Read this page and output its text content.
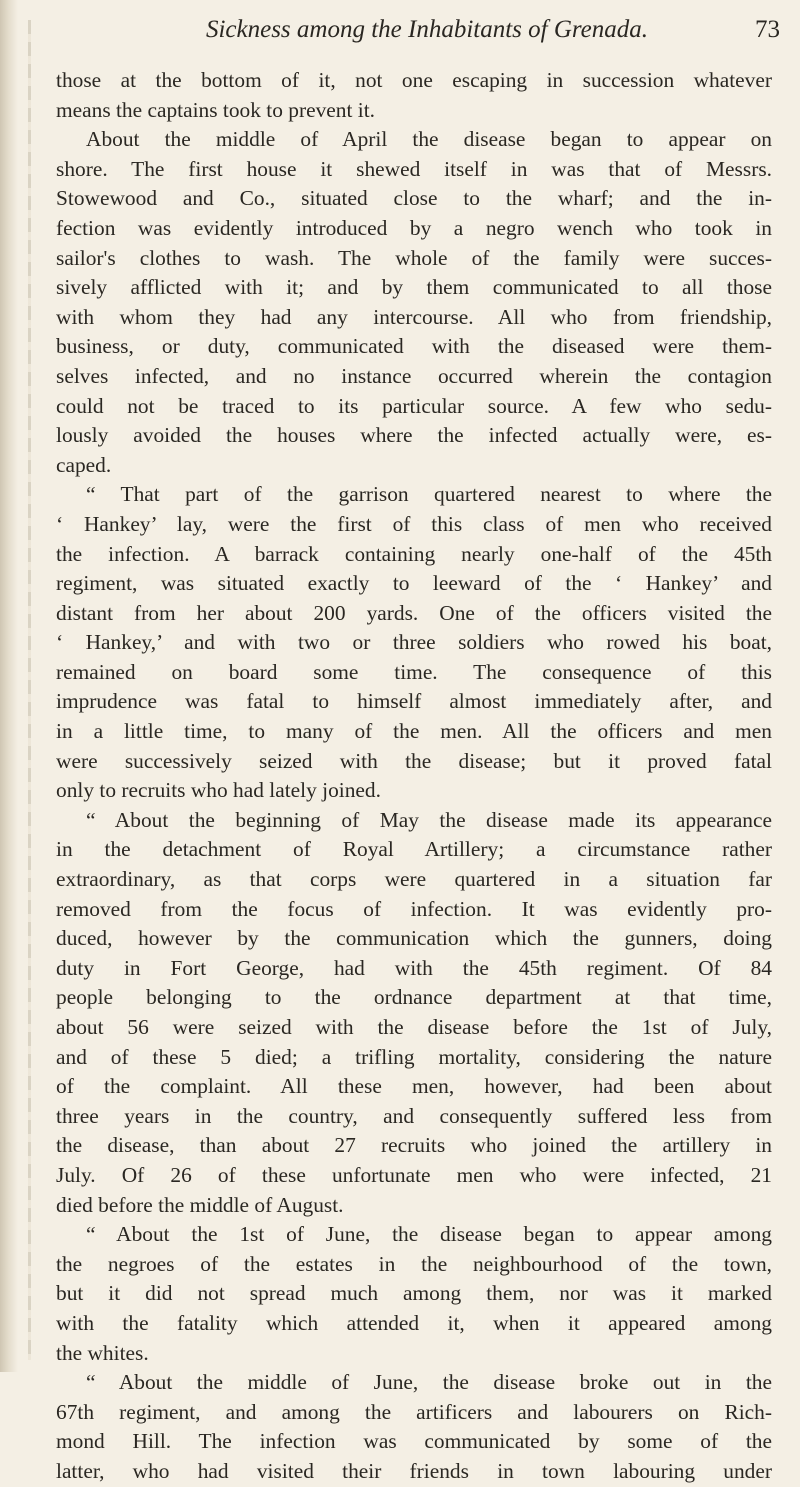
Sickness among the Inhabitants of Grenada.	73
those at the bottom of it, not one escaping in succession whatever
means the captains took to prevent it.
About the middle of April the disease began to appear on
shore. The first house it shewed itself in was that of Messrs.
Stowewood and Co., situated close to the wharf; and the in-
fection was evidently introduced by a negro wench who took in
sailor's clothes to wash. The whole of the family were succes-
sively afflicted with it; and by them communicated to all those
with whom they had any intercourse. All who from friendship,
business, or duty, communicated with the diseased were them-
selves infected, and no instance occurred wherein the contagion
could not be traced to its particular source. A few who sedu-
lously avoided the houses where the infected actually were, es-
caped.
“ That part of the garrison quartered nearest to where the
‘ Hankey’ lay, were the first of this class of men who received
the infection. A barrack containing nearly one-half of the 45th
regiment, was situated exactly to leeward of the ‘ Hankey’ and
distant from her about 200 yards. One of the officers visited the
‘ Hankey,’ and with two or three soldiers who rowed his boat,
remained on board some time. The consequence of this
imprudence was fatal to himself almost immediately after, and
in a little time, to many of the men. All the officers and men
were successively seized with the disease; but it proved fatal
only to recruits who had lately joined.
“ About the beginning of May the disease made its appearance
in the detachment of Royal Artillery; a circumstance rather
extraordinary, as that corps were quartered in a situation far
removed from the focus of infection. It was evidently pro-
duced, however by the communication which the gunners, doing
duty in Fort George, had with the 45th regiment. Of 84
people belonging to the ordnance department at that time,
about 56 were seized with the disease before the 1st of July,
and of these 5 died; a trifling mortality, considering the nature
of the complaint. All these men, however, had been about
three years in the country, and consequently suffered less from
the disease, than about 27 recruits who joined the artillery in
July. Of 26 of these unfortunate men who were infected, 21
died before the middle of August.
“ About the 1st of June, the disease began to appear among
the negroes of the estates in the neighbourhood of the town,
but it did not spread much among them, nor was it marked
with the fatality which attended it, when it appeared among
the whites.
“ About the middle of June, the disease broke out in the
67th regiment, and among the artificers and labourers on Rich-
mond Hill. The infection was communicated by some of the
latter, who had visited their friends in town labouring under
